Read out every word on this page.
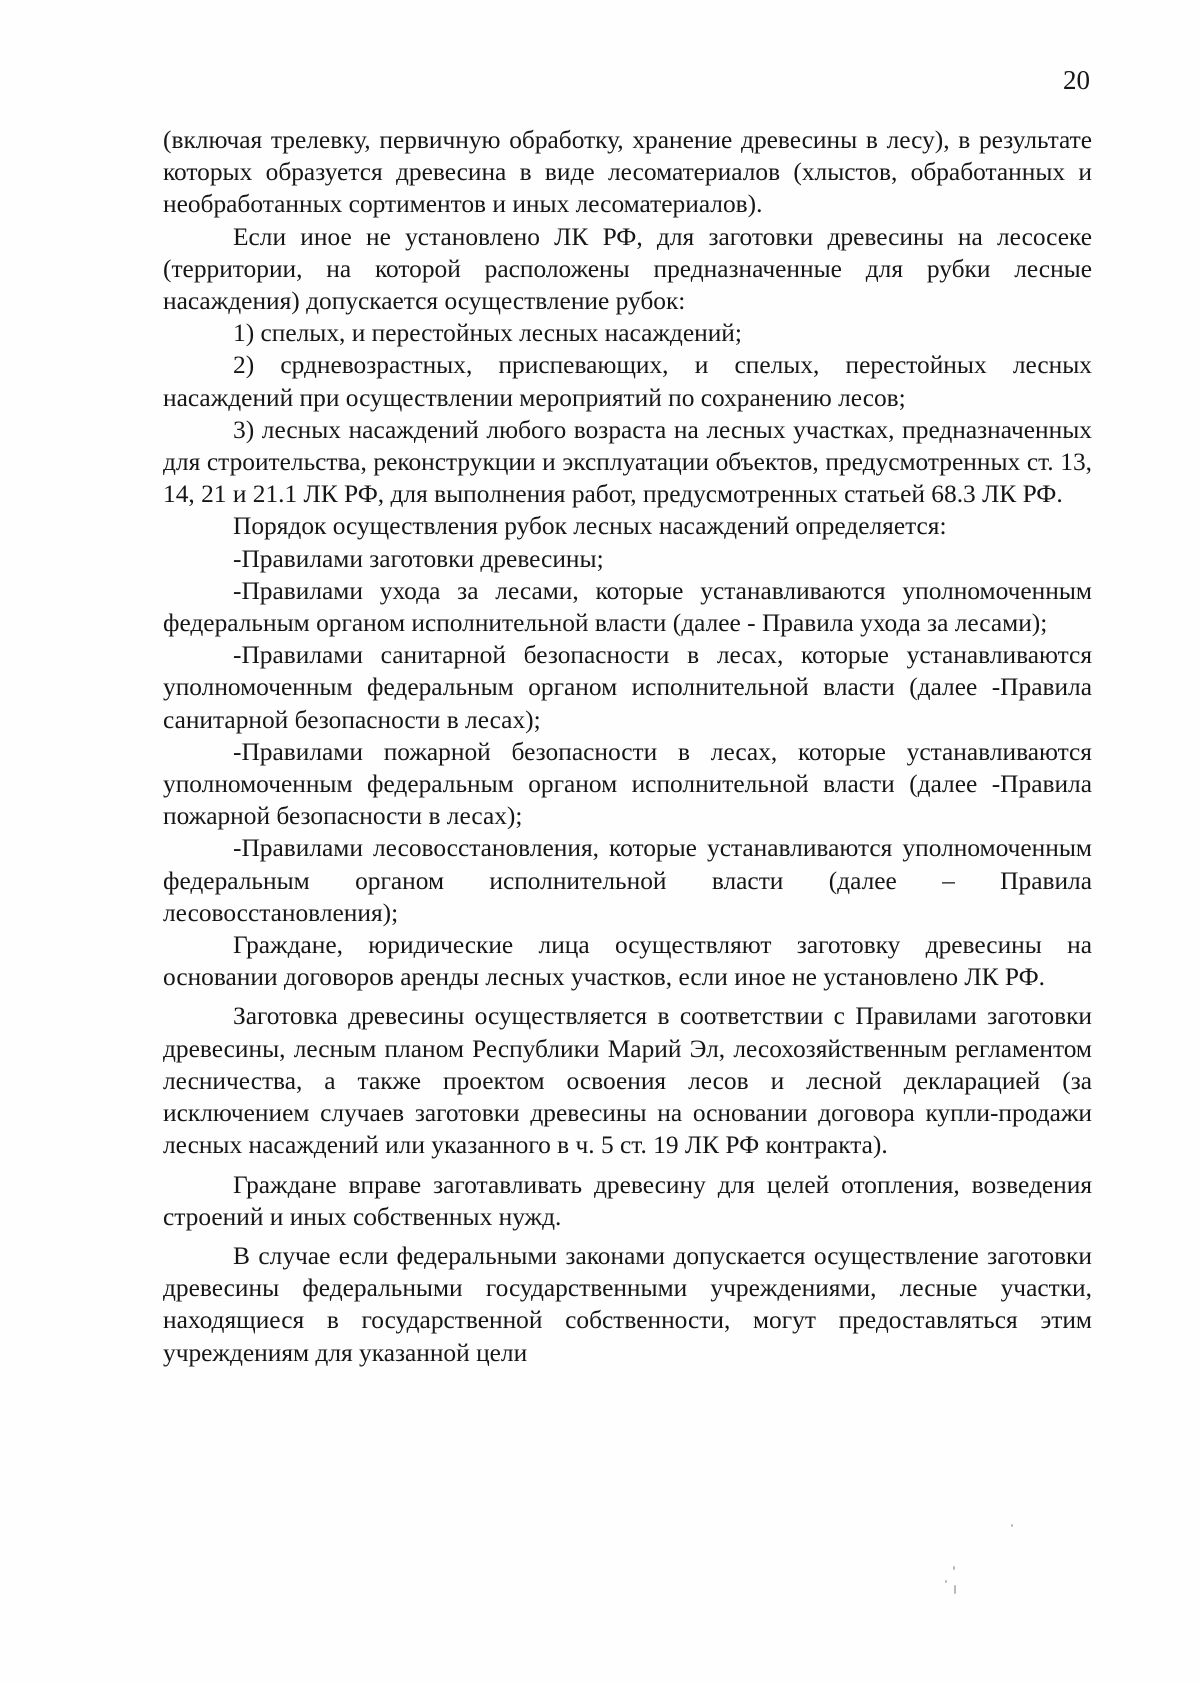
20

(включая трелевку, первичную обработку, хранение древесины в лесу), в результате которых образуется древесина в виде лесоматериалов (хлыстов, обработанных и необработанных сортиментов и иных лесоматериалов).

Если иное не установлено ЛК РФ, для заготовки древесины на лесосеке (территории, на которой расположены предназначенные для рубки лесные насаждения) допускается осуществление рубок:

1) спелых, и перестойных лесных насаждений;

2) срдневозрастных, приспевающих, и спелых, перестойных лесных насаждений при осуществлении мероприятий по сохранению лесов;

3) лесных насаждений любого возраста на лесных участках, предназначенных для строительства, реконструкции и эксплуатации объектов, предусмотренных ст. 13, 14, 21 и 21.1 ЛК РФ, для выполнения работ, предусмотренных статьей 68.3 ЛК РФ.

Порядок осуществления рубок лесных насаждений определяется:

-Правилами заготовки древесины;

-Правилами ухода за лесами, которые устанавливаются уполномоченным федеральным органом исполнительной власти (далее - Правила ухода за лесами);

-Правилами санитарной безопасности в лесах, которые устанавливаются уполномоченным федеральным органом исполнительной власти (далее -Правила санитарной безопасности в лесах);

-Правилами пожарной безопасности в лесах, которые устанавливаются уполномоченным федеральным органом исполнительной власти (далее -Правила пожарной безопасности в лесах);

-Правилами лесовосстановления, которые устанавливаются уполномоченным федеральным органом исполнительной власти (далее – Правила лесовосстановления);

Граждане, юридические лица осуществляют заготовку древесины на основании договоров аренды лесных участков, если иное не установлено ЛК РФ.

Заготовка древесины осуществляется в соответствии с Правилами заготовки древесины, лесным планом Республики Марий Эл, лесохозяйственным регламентом лесничества, а также проектом освоения лесов и лесной декларацией (за исключением случаев заготовки древесины на основании договора купли-продажи лесных насаждений или указанного в ч. 5 ст. 19 ЛК РФ контракта).

Граждане вправе заготавливать древесину для целей отопления, возведения строений и иных собственных нужд.

В случае если федеральными законами допускается осуществление заготовки древесины федеральными государственными учреждениями, лесные участки, находящиеся в государственной собственности, могут предоставляться этим учреждениям для указанной цели
